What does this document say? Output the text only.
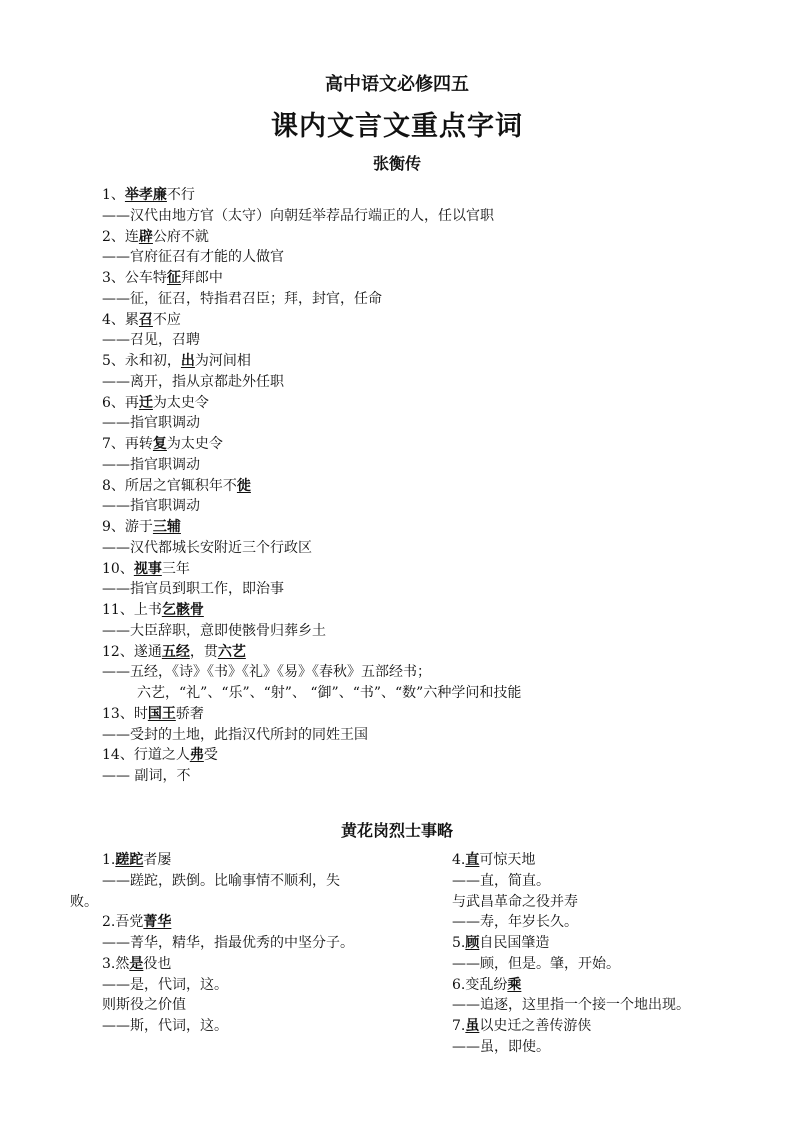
高中语文必修四五
课内文言文重点字词
张衡传
1、举孝廉不行
——汉代由地方官（太守）向朝廷举荐品行端正的人，任以官职
2、连辟公府不就
——官府征召有才能的人做官
3、公车特征拜郎中
——征，征召，特指君召臣；拜，封官，任命
4、累召不应
——召见，召聘
5、永和初，出为河间相
——离开，指从京都赴外任职
6、再迁为太史令
——指官职调动
7、再转复为太史令
——指官职调动
8、所居之官辄积年不徙
——指官职调动
9、游于三辅
——汉代都城长安附近三个行政区
10、视事三年
——指官员到职工作，即治事
11、上书乞骸骨
——大臣辞职，意即使骸骨归葬乡土
12、遂通五经，贯六艺
——五经，《诗》《书》《礼》《易》《春秋》五部经书；
六艺，“礼”、“乐”、“射”、 “御”、“书”、“数”六种学问和技能
13、时国王骄奢
——受封的土地，此指汉代所封的同姓王国
14、行道之人弗受
—— 副词，不
黄花岗烈士事略
1.蹉跎者屡
——蹉跎，跌倒。比喻事情不顺利，失
败。
2.吾党菁华
——菁华，精华，指最优秀的中坚分子。
3.然是役也
——是，代词，这。
则斯役之价值
——斯，代词，这。
4.直可惊天地
——直，简直。
与武昌革命之役并寿
——寿，年岁长久。
5.顾自民国肇造
——顾，但是。肇，开始。
6.变乱纷乘
——追逐，这里指一个接一个地出现。
7.虽以史迁之善传游侠
——虽，即使。
